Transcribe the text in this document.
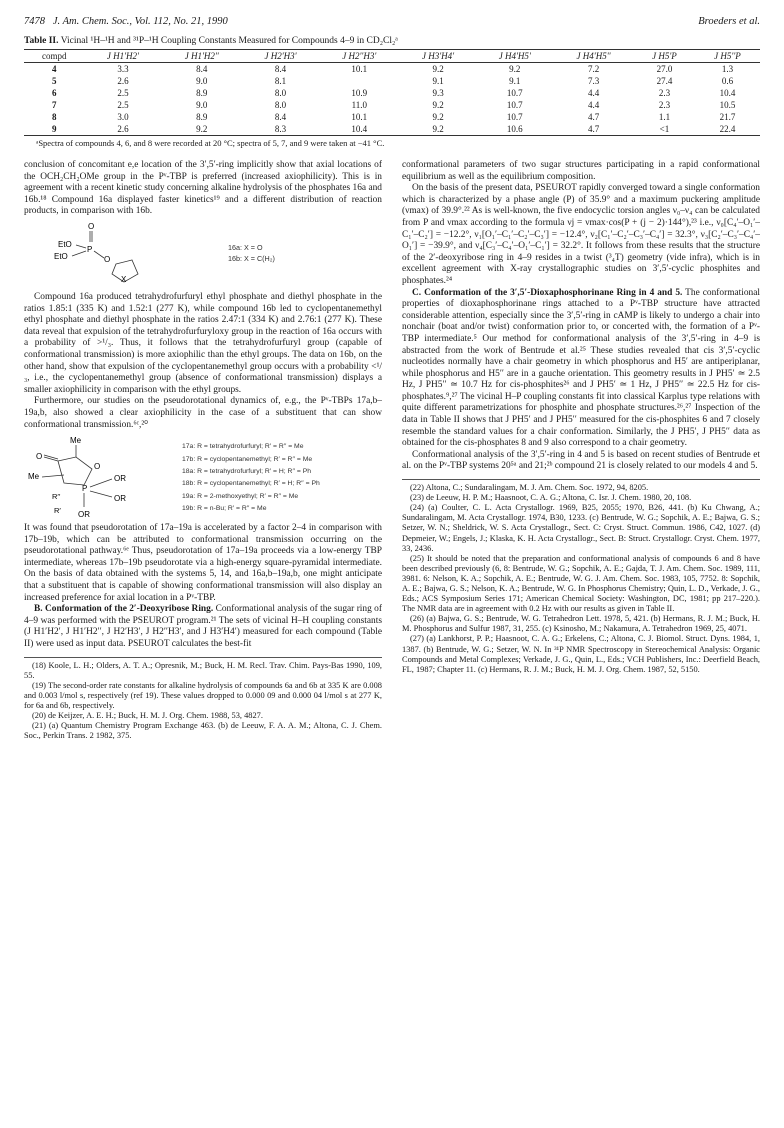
7478 J. Am. Chem. Soc., Vol. 112, No. 21, 1990	Broeders et al.
Table II. Vicinal ¹H–¹H and ³¹P–¹H Coupling Constants Measured for Compounds 4–9 in CD₂Cl₂ᵃ
compd	J H1'H2'	J H1'H2''	J H2'H3'	J H2''H3'	J H3'H4'	J H4'H5'	J H4'H5''	J H5'P	J H5''P
4	3.3	8.4	8.4	10.1	9.2	9.2	7.2	27.0	1.3
5	2.6	9.0	8.1		9.1	9.1	7.3	27.4	0.6
6	2.5	8.9	8.0	10.9	9.3	10.7	4.4	2.3	10.4
7	2.5	9.0	8.0	11.0	9.2	10.7	4.4	2.3	10.5
8	3.0	8.9	8.4	10.1	9.2	10.7	4.7	1.1	21.7
9	2.6	9.2	8.3	10.4	9.2	10.6	4.7	<1	22.4
ᵃSpectra of compounds 4, 6, and 8 were recorded at 20 °C; spectra of 5, 7, and 9 were taken at −41 °C.

conclusion of concomitant e,e location of the 3′,5′-ring implicitly show that axial locations of the OCH₂CH₂OMe group in the Pᵛ-TBP is preferred (increased axiophilicity). This is in agreement with a recent kinetic study concerning alkaline hydrolysis of the phosphates 16a and 16b.¹⁸ Compound 16a displayed faster kinetics¹⁹ and a different distribution of reaction products, in comparison with 16b.

O
EtO
EtO
P
O
X
16a: X = O
16b: X = C(H₂)

Compound 16a produced tetrahydrofurfuryl ethyl phosphate and diethyl phosphate in the ratios 1.85:1 (335 K) and 1.52:1 (277 K), while compound 16b led to cyclopentanemethyl ethyl phosphate and diethyl phosphate in the ratios 2.47:1 (334 K) and 2.76:1 (277 K). These data reveal that expulsion of the tetrahydrofurfuryloxy group in the reaction of 16a occurs with a probability of >¹/₃. Thus, it follows that the tetrahydrofurfuryl group (capable of conformational transmission) is more axiophilic than the ethyl groups. The data on 16b, on the other hand, show that expulsion of the cyclopentanemethyl group occurs with a probability <¹/₃, i.e., the cyclopentanemethyl group (absence of conformational transmission) displays a smaller axiophilicity in comparison with the ethyl groups.

Furthermore, our studies on the pseudorotational dynamics of, e.g., the Pᵛ-TBPs 17a,b–19a,b, also showed a clear axiophilicity in the case of a substituent that can show conformational transmission.⁶ᶜ,²⁰

Me
O
Me
O
OR
P
R′′	OR
R′ OR
17a: R = tetrahydrofurfuryl; R′ = R′′ = Me
17b: R = cyclopentanemethyl; R′ = R′′ = Me
18a: R = tetrahydrofurfuryl; R′ = H; R′′ = Ph
18b: R = cyclopentanemethyl; R′ = H; R′′ = Ph
19a: R = 2-methoxyethyl; R′ = R′′ = Me
19b: R = n-Bu; R′ = R′′ = Me

It was found that pseudorotation of 17a–19a is accelerated by a factor 2–4 in comparison with 17b–19b, which can be attributed to conformational transmission occurring on the pseudorotational pathway.⁶ᵉ Thus, pseudorotation of 17a–19a proceeds via a low-energy TBP intermediate, whereas 17b–19b pseudorotate via a high-energy square-pyramidal intermediate. On the basis of data obtained with the systems 5, 14, and 16a,b–19a,b, one might anticipate that a substituent that is capable of showing conformational transmission will also display an increased preference for axial location in a Pᵛ-TBP.

B. Conformation of the 2′-Deoxyribose Ring. Conformational analysis of the sugar ring of 4–9 was performed with the PSEUROT program.²¹ The sets of vicinal H–H coupling constants (J H1′H2′, J H1′H2′′, J H2′H3′, J H2′′H3′, and J H3′H4′) measured for each compound (Table II) were used as input data. PSEUROT calculates the best-fit

(18) Koole, L. H.; Olders, A. T. A.; Opresnik, M.; Buck, H. M. Recl. Trav. Chim. Pays-Bas 1990, 109, 55.

(19) The second-order rate constants for alkaline hydrolysis of compounds 6a and 6b at 335 K are 0.008 and 0.003 l/mol s, respectively (ref 19). These values dropped to 0.000 09 and 0.000 04 l/mol s at 277 K, for 6a and 6b, respectively.

(20) de Keijzer, A. E. H.; Buck, H. M. J. Org. Chem. 1988, 53, 4827.

(21) (a) Quantum Chemistry Program Exchange 463. (b) de Leeuw, F. A. A. M.; Altona, C. J. Chem. Soc., Perkin Trans. 2 1982, 375.

conformational parameters of two sugar structures participating in a rapid conformational equilibrium as well as the equilibrium composition.

On the basis of the present data, PSEUROT rapidly converged toward a single conformation which is characterized by a phase angle (P) of 35.9° and a maximum puckering amplitude (νmax) of 39.9°.²² As is well-known, the five endocyclic torsion angles ν₀–ν₄ can be calculated from P and νmax according to the formula νj = νmax·cos(P + (j − 2)·144°),²³ i.e., ν₀[C₄′–O₁′–C₁′–C₂′] = −12.2°, ν₁[O₁′–C₁′–C₂′–C₃′] = −12.4°, ν₂[C₁′–C₂′–C₃′–C₄′] = 32.3°, ν₃[C₂′–C₃′–C₄′–O₁′] = −39.9°, and ν₄[C₃′–C₄′–O₁′–C₁′] = 32.2°. It follows from these results that the structure of the 2′-deoxyribose ring in 4–9 resides in a twist (³₄T) geometry (vide infra), which is in excellent agreement with X-ray crystallographic studies on 3′,5′-cyclic phosphites and phosphates.²⁴

C. Conformation of the 3′,5′-Dioxaphosphorinane Ring in 4 and 5. The conformational properties of dioxaphosphorinane rings attached to a Pᵛ-TBP structure have attracted considerable attention, especially since the 3′,5′-ring in cAMP is likely to undergo a chair into nonchair (boat and/or twist) conformation prior to, or concerted with, the formation of a Pᵛ-TBP intermediate.⁵ Our method for conformational analysis of the 3′,5′-ring in 4–9 is abstracted from the work of Bentrude et al.²⁵ These studies revealed that cis 3′,5′-cyclic nucleotides normally have a chair geometry in which phosphorus and H5′ are antiperiplanar, while phosphorus and H5′′ are in a gauche orientation. This geometry results in J PH5′ ≃ 2.5 Hz, J PH5′′ ≃ 10.7 Hz for cis-phosphites²⁶ and J PH5′ ≃ 1 Hz, J PH5′′ ≃ 22.5 Hz for cis-phosphates.⁹,²⁷ The vicinal H–P coupling constants fit into classical Karplus type relations with quite different parametrizations for phosphite and phosphate structures.²⁶,²⁷ Inspection of the data in Table II shows that J PH5′ and J PH5′′ measured for the cis-phosphites 6 and 7 closely resemble the standard values for a chair conformation. Similarly, the J PH5′, J PH5′′ data as obtained for the cis-phosphates 8 and 9 also correspond to a chair geometry.

Conformational analysis of the 3′,5′-ring in 4 and 5 is based on recent studies of Bentrude et al. on the Pᵛ-TBP systems 20⁵ᵃ and 21;²ᵇ compound 21 is closely related to our models 4 and 5.

(22) Altona, C.; Sundaralingam, M. J. Am. Chem. Soc. 1972, 94, 8205.

(23) de Leeuw, H. P. M.; Haasnoot, C. A. G.; Altona, C. Isr. J. Chem. 1980, 20, 108.

(24) (a) Coulter, C. L. Acta Crystallogr. 1969, B25, 2055; 1970, B26, 441. (b) Ku Chwang, A.; Sundaralingam, M. Acta Crystallogr. 1974, B30, 1233. (c) Bentrude, W. G.; Sopchik, A. E.; Bajwa, G. S.; Setzer, W. N.; Sheldrick, W. S. Acta Crystallogr., Sect. C: Cryst. Struct. Commun. 1986, C42, 1027. (d) Depmeier, W.; Engels, J.; Klaska, K. H. Acta Crystallogr., Sect. B: Struct. Crystallogr. Cryst. Chem. 1977, 33, 2436.

(25) It should be noted that the preparation and conformational analysis of compounds 6 and 8 have been described previously (6, 8: Bentrude, W. G.; Sopchik, A. E.; Gajda, T. J. Am. Chem. Soc. 1989, 111, 3981. 6: Nelson, K. A.; Sopchik, A. E.; Bentrude, W. G. J. Am. Chem. Soc. 1983, 105, 7752. 8: Sopchik, A. E.; Bajwa, G. S.; Nelson, K. A.; Bentrude, W. G. In Phosphorus Chemistry; Quin, L. D., Verkade, J. G., Eds.; ACS Symposium Series 171; American Chemical Society: Washington, DC, 1981; pp 217–220.). The NMR data are in agreement with 0.2 Hz with our results as given in Table II.

(26) (a) Bajwa, G. S.; Bentrude, W. G. Tetrahedron Lett. 1978, 5, 421. (b) Hermans, R. J. M.; Buck, H. M. Phosphorus and Sulfur 1987, 31, 255. (c) Ksinosho, M.; Nakamura, A. Tetrahedron 1969, 25, 4071.

(27) (a) Lankhorst, P. P.; Haasnoot, C. A. G.; Erkelens, C.; Altona, C. J. Biomol. Struct. Dyns. 1984, 1, 1387. (b) Bentrude, W. G.; Setzer, W. N. In ³¹P NMR Spectroscopy in Stereochemical Analysis: Organic Compounds and Metal Complexes; Verkade, J. G., Quin, L., Eds.; VCH Publishers, Inc.: Deerfield Beach, FL, 1987; Chapter 11. (c) Hermans, R. J. M.; Buck, H. M. J. Org. Chem. 1987, 52, 5150.
